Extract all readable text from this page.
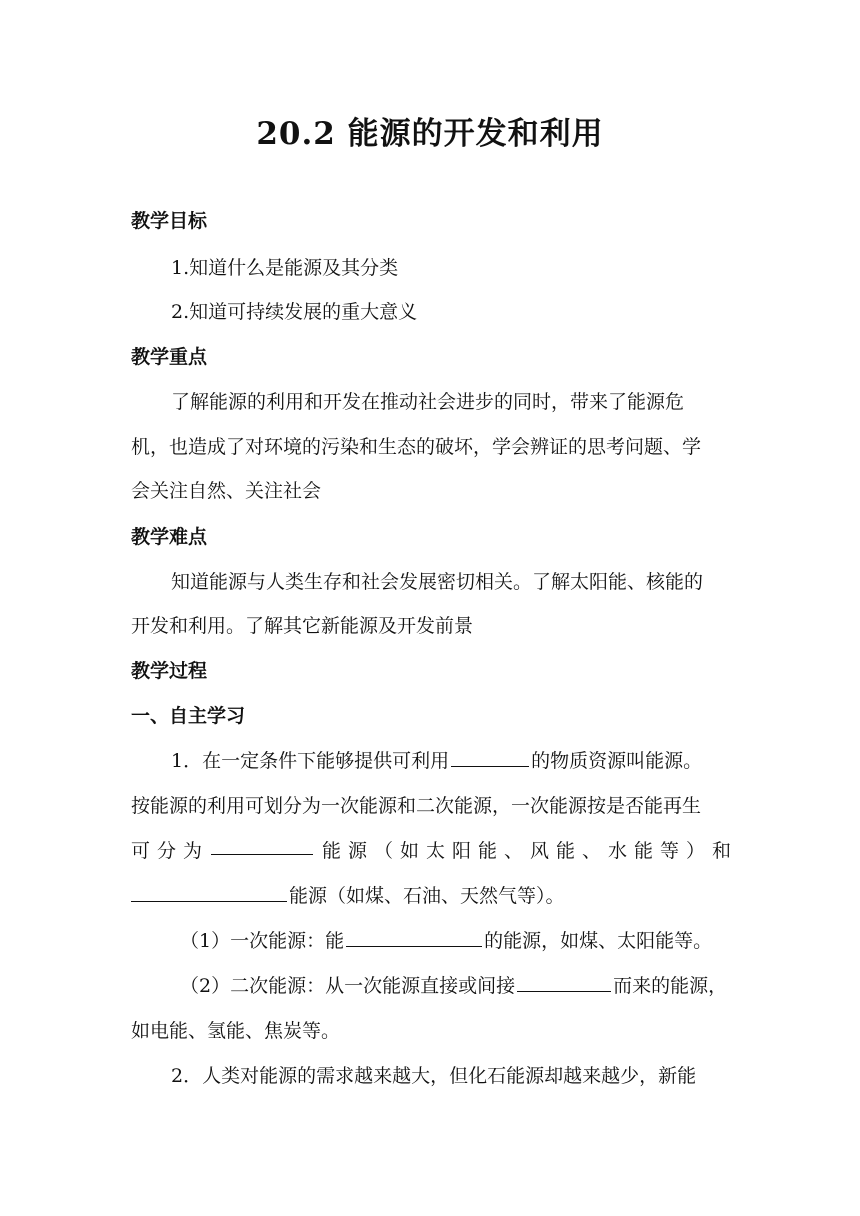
20.2 能源的开发和利用
教学目标
1.知道什么是能源及其分类
2.知道可持续发展的重大意义
教学重点
了解能源的利用和开发在推动社会进步的同时，带来了能源危
机，也造成了对环境的污染和生态的破坏，学会辨证的思考问题、学
会关注自然、关注社会
教学难点
知道能源与人类生存和社会发展密切相关。了解太阳能、核能的
开发和利用。了解其它新能源及开发前景
教学过程
一、自主学习
1．在一定条件下能够提供可利用	的物质资源叫能源。
按能源的利用可划分为一次能源和二次能源，一次能源按是否能再生
可 分 为	能 源 （ 如 太 阳 能 、 风 能 、 水 能 等 ） 和
能源（如煤、石油、天然气等）。
（1）一次能源：能	的能源，如煤、太阳能等。
（2）二次能源：从一次能源直接或间接	而来的能源，
如电能、氢能、焦炭等。
2．人类对能源的需求越来越大，但化石能源却越来越少，新能
